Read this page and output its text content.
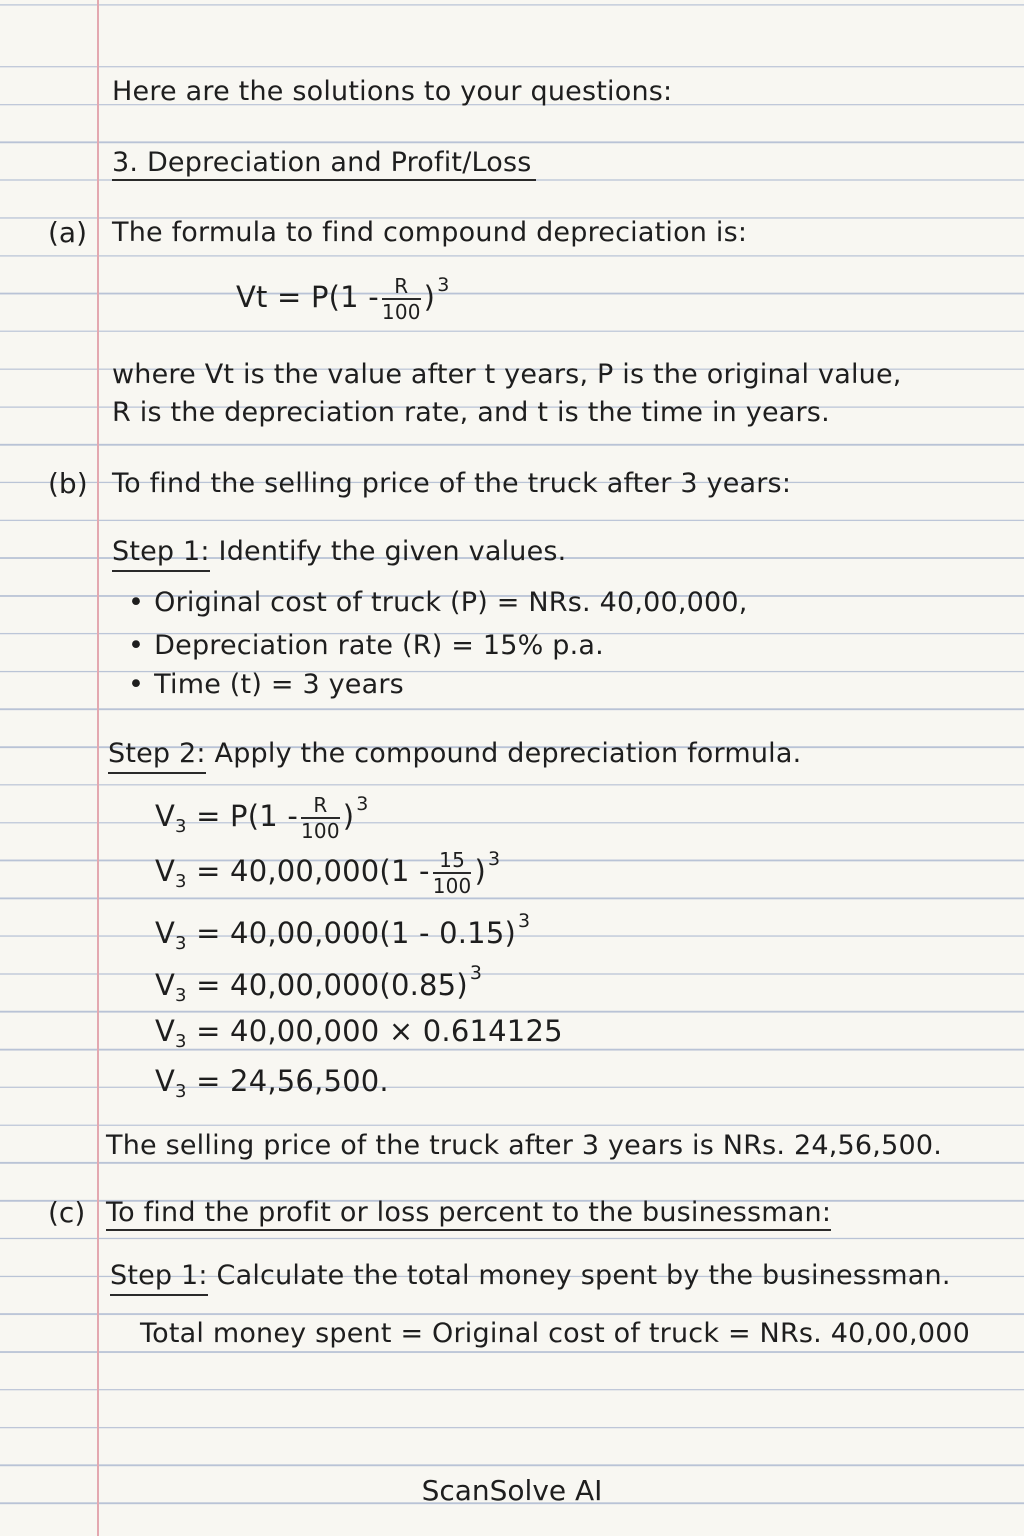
Here are the solutions to your questions:
3. Depreciation and Profit/Loss
(a) The formula to find compound depreciation is:
$Vt = P(1 - \frac{R}{100}$ ) $^3$
where Vt is the value after t years, P is the original value,
R is the depreciation rate, and t is the time in years.
(b) To find the selling price of the truck after 3 years:
Step 1: Identify the given values.
• Original cost of truck (P) = NRs. 40,00,000,
• Depreciation rate (R) = 15% p.a.
• Time (t) = 3 years
Step 2: Apply the compound depreciation formula.
$V_3 = P(1 - \frac{R}{100}$ ) $^3$
$V_3 = 40,00,000(1 - \frac{15}{100}$ ) $^3$
$V_3 = 40,00,000(1 - 0.15)$ $^3$
$V_3 = 40,00,000(0.85)$ $^3$
$V_3 = 40,00,000 \times 0.614125$
$V_3 = 24,56,500$.
The selling price of the truck after 3 years is NRs. 24,56,500.
(c) To find the profit or loss percent to the businessman:
Step 1: Calculate the total money spent by the businessman.
Total money spent = Original cost of truck = NRs. 40,00,000
ScanSolve AI
